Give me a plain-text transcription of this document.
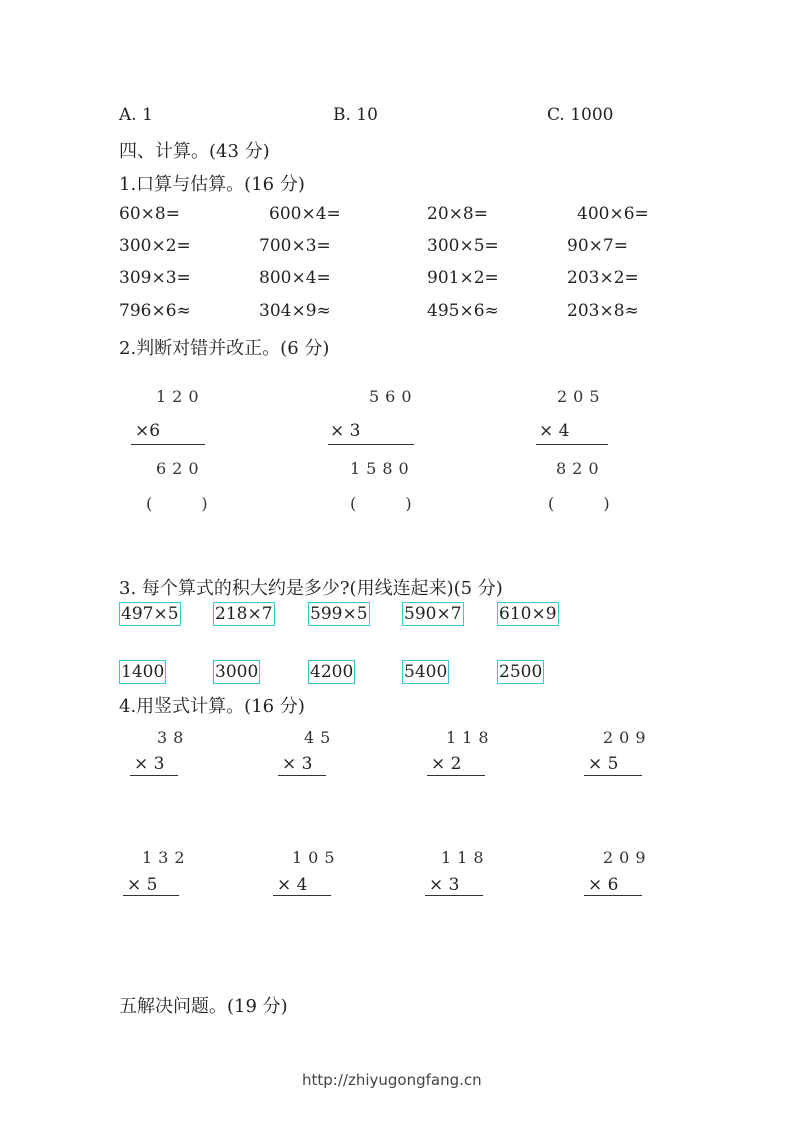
A. 1	B. 10	C. 1000
四、计算。(43 分)
1.口算与估算。(16 分)
60×8=	600×4=	20×8=	400×6=
300×2=	700×3=	300×5=	90×7=
309×3=	800×4=	901×2=	203×2=
796×6≈	304×9≈	495×6≈	203×8≈
2.判断对错并改正。(6 分)
120
×6
620
( )
560
× 3
1580
( )
205
× 4
820
( )
3. 每个算式的积大约是多少?(用线连起来)(5 分)
497×5 218×7 599×5 590×7 610×9
1400	3000	4200	5400	2500
4.用竖式计算。(16 分)
38
× 3
45
× 3
118
× 2
209
× 5
132
× 5
105
× 4
118
× 3
209
× 6
五解决问题。(19 分)
http://zhiyugongfang.cn
